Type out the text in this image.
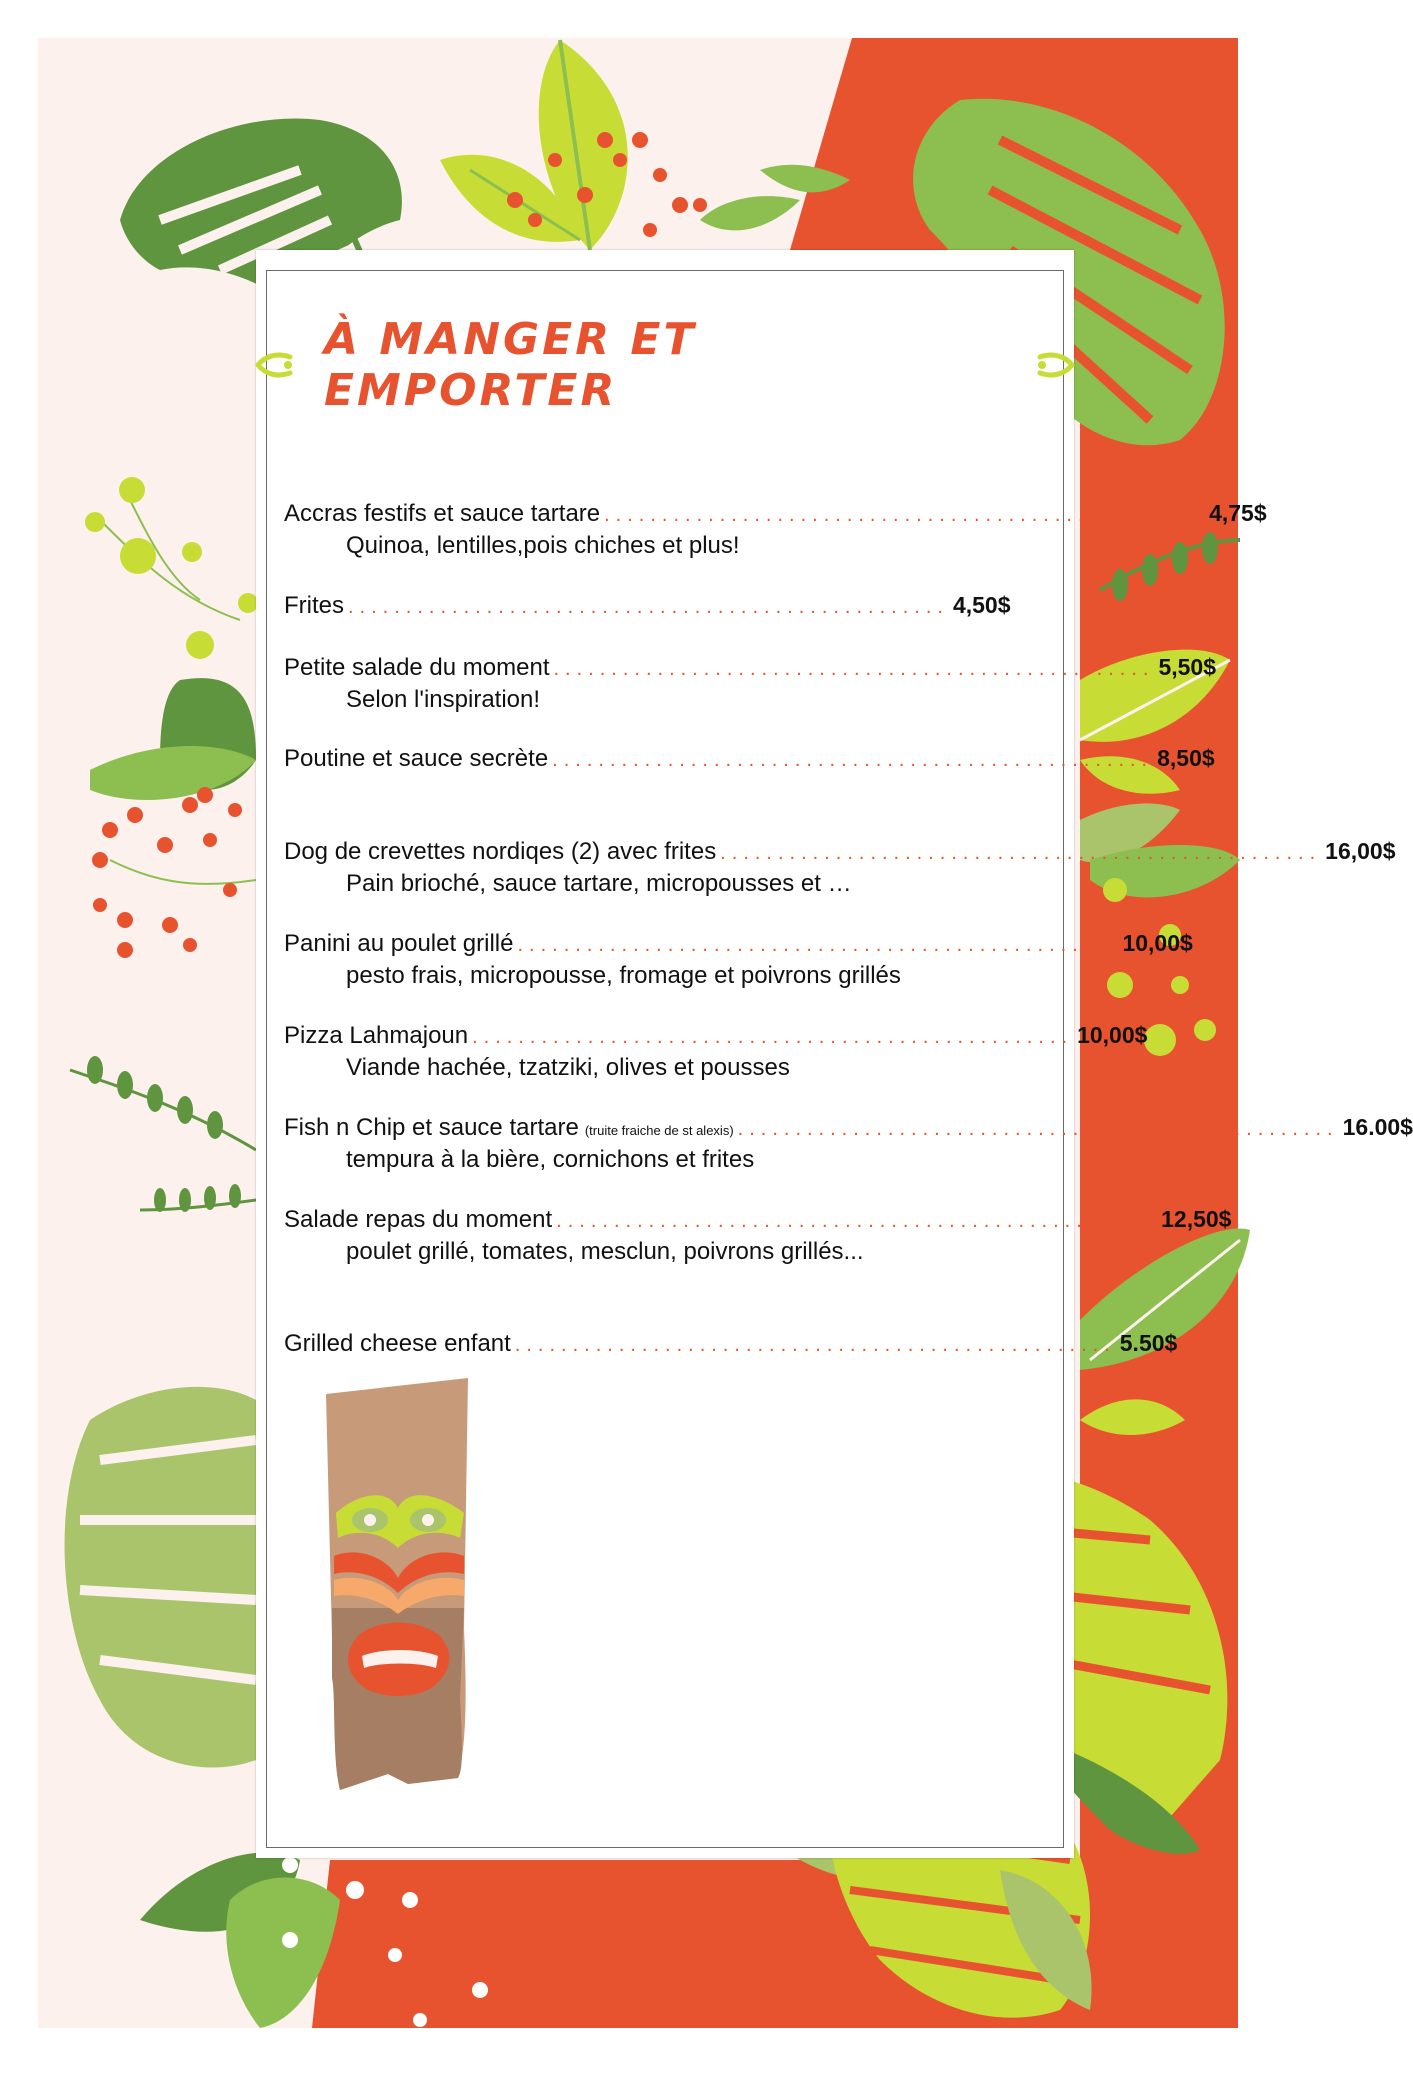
À MANGER ET EMPORTER
Accras festifs et sauce tartare .................................................... 4,75$
Quinoa, lentilles,pois chiches et plus!
Frites .................................................... 4,50$
Petite salade du moment .................................................... 5,50$
Selon l'inspiration!
Poutine et sauce secrète .................................................... 8,50$
Dog de crevettes nordiqes (2) avec frites .................................................... 16,00$
Pain brioché, sauce tartare, micropousses et …
Panini au poulet grillé .................................................... 10,00$
pesto frais, micropousse, fromage et poivrons grillés
Pizza Lahmajoun .................................................... 10,00$
Viande hachée, tzatziki, olives et pousses
Fish n Chip et sauce tartare (truite fraiche de st alexis) .................................................... 16.00$
tempura à la bière, cornichons et frites
Salade repas du moment .................................................... 12,50$
poulet grillé, tomates, mesclun, poivrons grillés...
Grilled cheese enfant .................................................... 5.50$
